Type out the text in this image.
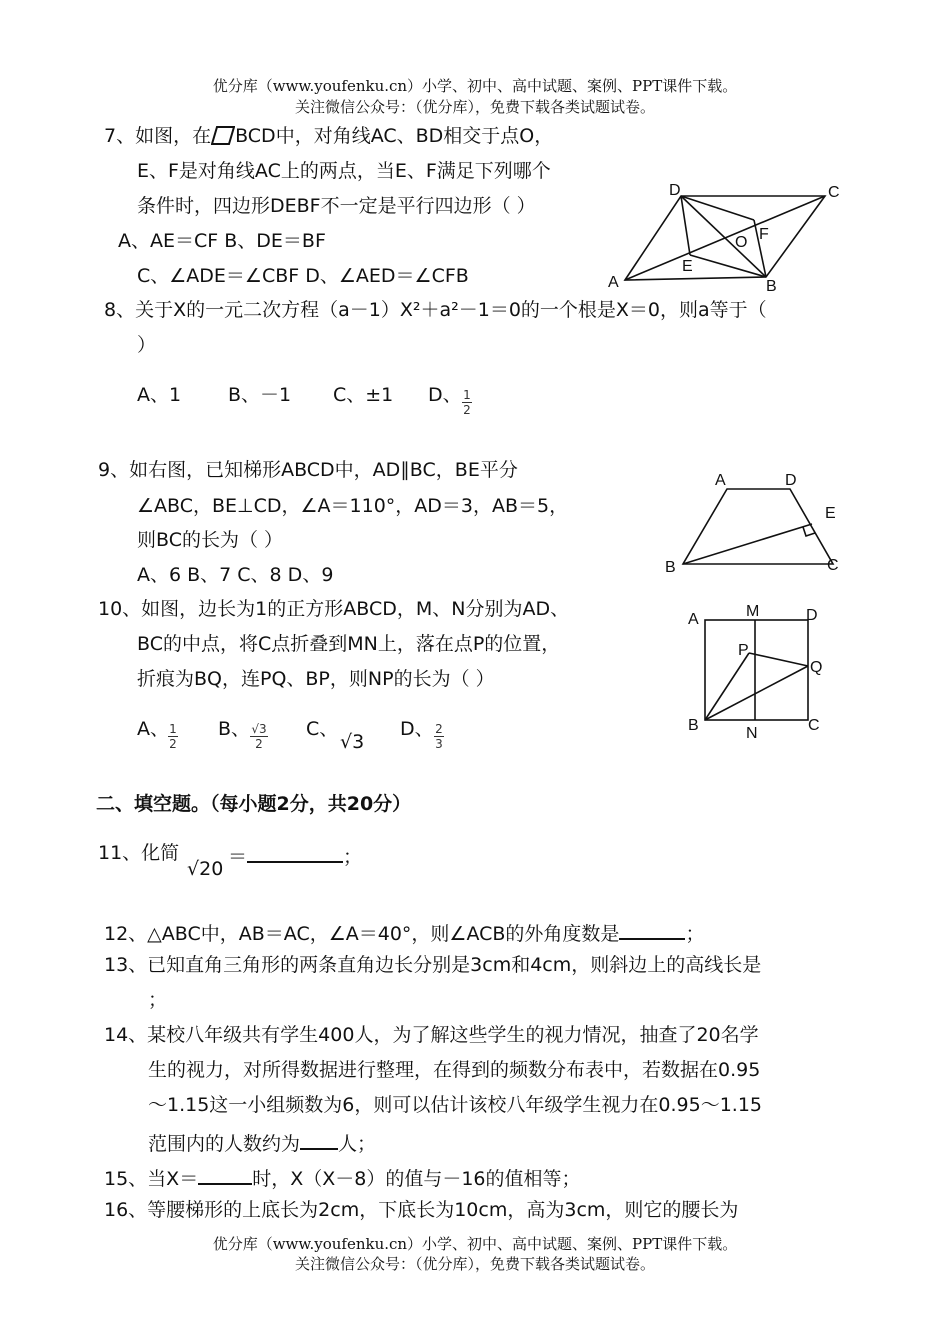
优分库（www.youfenku.cn）小学、初中、高中试题、案例、PPT课件下载。
关注微信公众号：（优分库），免费下载各类试题试卷。
7、如图，在 BCD中，对角线AC、BD相交于点O，
E、F是对角线AC上的两点，当E、F满足下列哪个
条件时，四边形DEBF不一定是平行四边形（ ）
A、AE＝CF B、DE＝BF
C、∠ADE＝∠CBF D、∠AED＝∠CFB
D	C
O F
E
A	B
8、关于X的一元二次方程（a－1）X²＋a²－1＝0的一个根是X＝0，则a等于（
）
A、1 B、－1 C、±1 D、 1
2
9、如右图，已知梯形ABCD中，AD∥BC，BE平分
∠ABC，BE⊥CD，∠A＝110°，AD＝3，AB＝5，
则BC的长为（ ）
A、6 B、7 C、8 D、9
A	D
E
B	C
10、如图，边长为1的正方形ABCD，M、N分别为AD、
BC的中点，将C点折叠到MN上，落在点P的位置，
折痕为BQ，连PQ、BP，则NP的长为（ ）
A、 1
2
B、 √3
2
C、
√3
D、 2
3
A	M	D
P
Q
B	N	C
二、填空题。（每小题2分，共20分）
11、化简
√20
＝	；
12、△ABC中，AB＝AC，∠A＝40°，则∠ACB的外角度数是	；
13、已知直角三角形的两条直角边长分别是3cm和4cm，则斜边上的高线长是
；
14、某校八年级共有学生400人，为了解这些学生的视力情况，抽查了20名学
生的视力，对所得数据进行整理，在得到的频数分布表中，若数据在0.95
～1.15这一小组频数为6，则可以估计该校八年级学生视力在0.95～1.15
范围内的人数约为 人；
15、当X＝	时，X（X－8）的值与－16的值相等；
16、等腰梯形的上底长为2cm，下底长为10cm，高为3cm，则它的腰长为
优分库（www.youfenku.cn）小学、初中、高中试题、案例、PPT课件下载。
关注微信公众号：（优分库），免费下载各类试题试卷。
